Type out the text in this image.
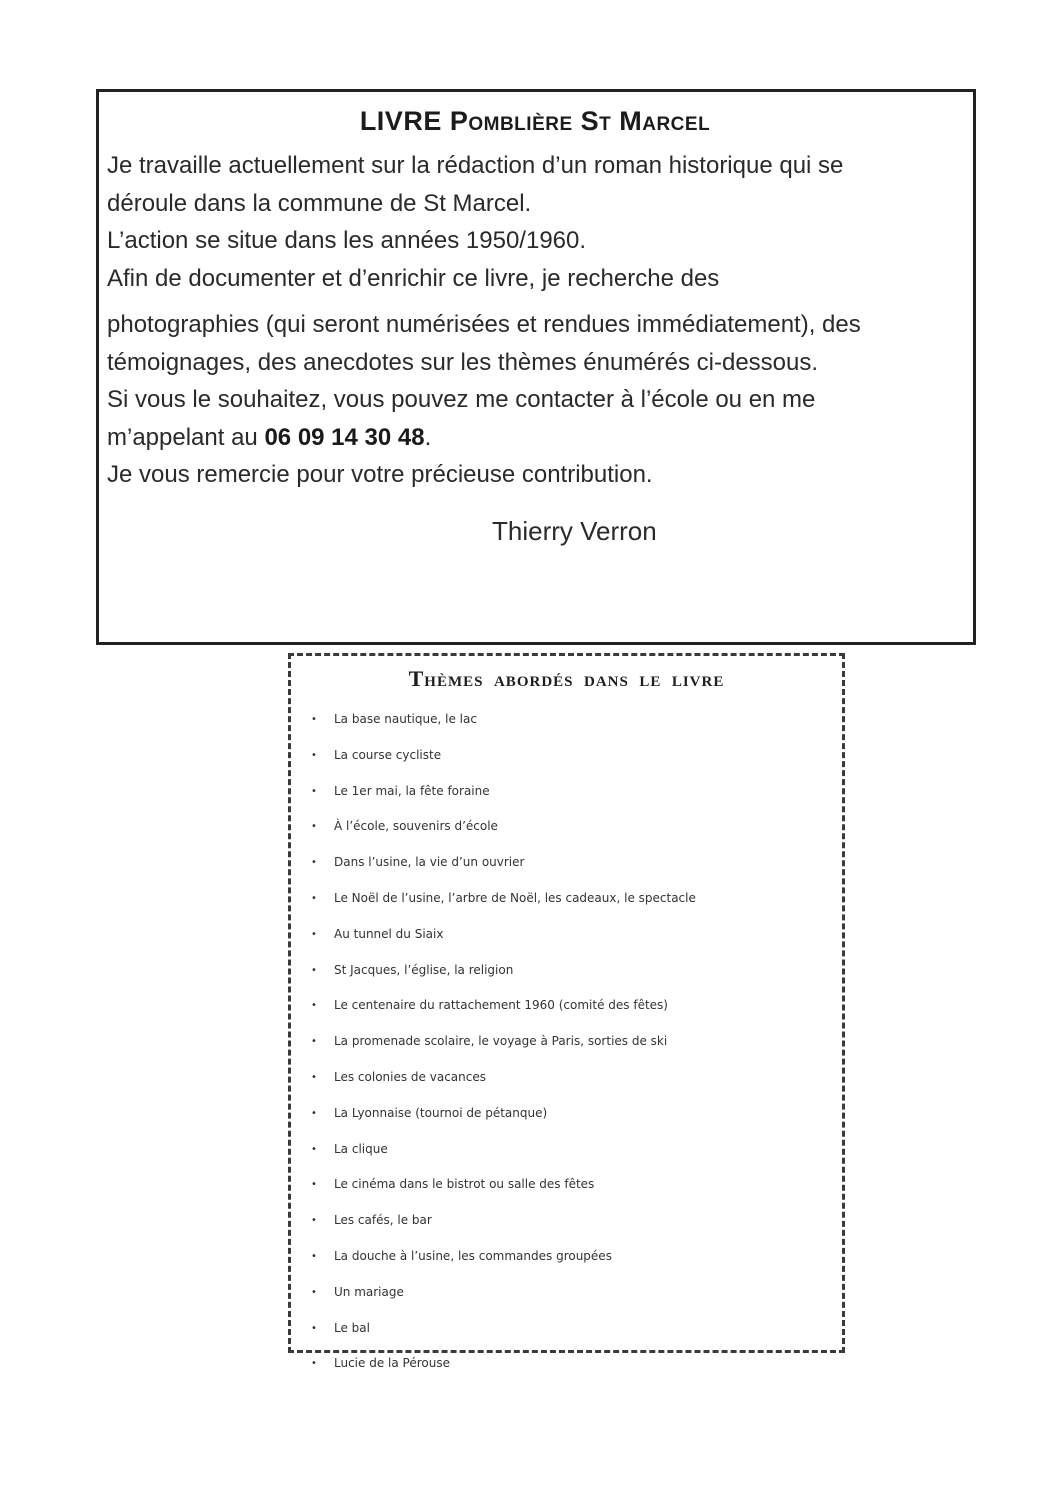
LIVRE Pomblière St Marcel

Je travaille actuellement sur la rédaction d’un roman historique qui se

déroule dans la commune de St Marcel.

L’action se situe dans les années 1950/1960.

Afin de documenter et d’enrichir ce livre, je recherche des

photographies (qui seront numérisées et rendues immédiatement), des

témoignages, des anecdotes sur les thèmes énumérés ci-dessous.

Si vous le souhaitez, vous pouvez me contacter à l’école ou en me

m’appelant au 06 09 14 30 48.

Je vous remercie pour votre précieuse contribution.

Thierry Verron
Thèmes abordés dans le livre
• La base nautique, le lac
• La course cycliste
• Le 1er mai, la fête foraine
• À l’école, souvenirs d’école
• Dans l’usine, la vie d’un ouvrier
• Le Noël de l’usine, l’arbre de Noël, les cadeaux, le spectacle
• Au tunnel du Siaix
• St Jacques, l’église, la religion
• Le centenaire du rattachement 1960 (comité des fêtes)
• La promenade scolaire, le voyage à Paris, sorties de ski
• Les colonies de vacances
• La Lyonnaise (tournoi de pétanque)
• La clique
• Le cinéma dans le bistrot ou salle des fêtes
• Les cafés, le bar
• La douche à l’usine, les commandes groupées
• Un mariage
• Le bal
• Lucie de la Pérouse
